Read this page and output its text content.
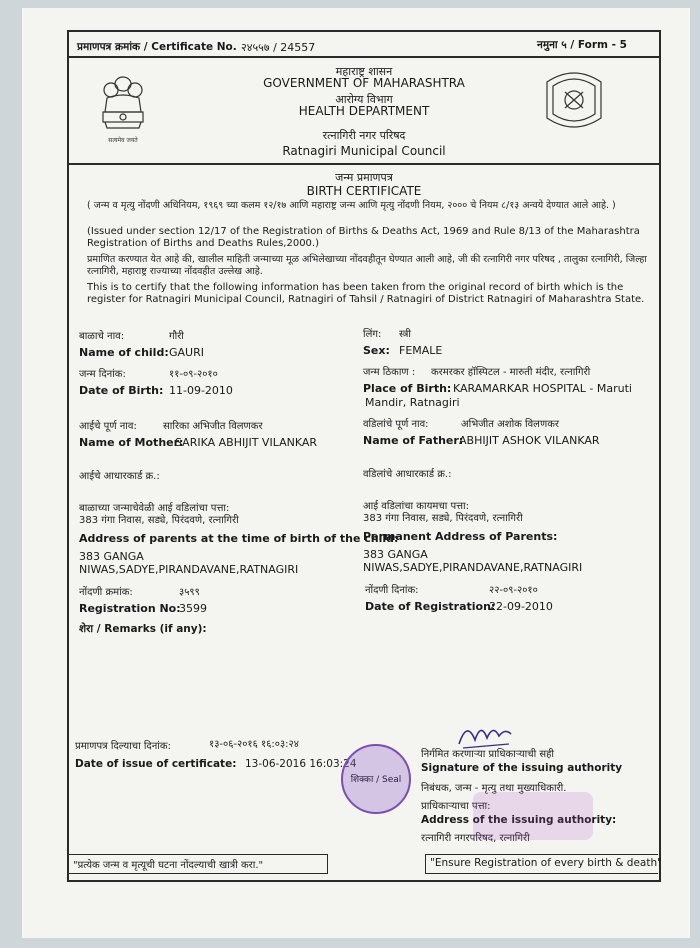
प्रमाणपत्र क्रमांक / Certificate No. २४५५७ / 24557	नमुना ५ / Form - 5
सत्यमेव जयते
महाराष्ट्र शासन
GOVERNMENT OF MAHARASHTRA
आरोग्य विभाग
HEALTH DEPARTMENT
रत्नागिरी नगर परिषद
Ratnagiri Municipal Council
जन्म प्रमाणपत्र
BIRTH CERTIFICATE
( जन्म व मृत्यु नोंदणी अधिनियम, १९६९ च्या कलम १२/१७ आणि महाराष्ट्र जन्म आणि मृत्यु नोंदणी नियम, २००० चे नियम ८/१३ अन्वये देण्यात आले आहे. )
(Issued under section 12/17 of the Registration of Births & Deaths Act, 1969 and Rule 8/13 of the Maharashtra Registration of Births and Deaths Rules,2000.)
प्रमाणित करण्यात येत आहे की, खालील माहिती जन्माच्या मूळ अभिलेखाच्या नोंदवहीतून घेण्यात आली आहे, जी की रत्नागिरी नगर परिषद , तालुका रत्नागिरी, जिल्हा रत्नागिरी, महाराष्ट्र राज्याच्या नोंदवहीत उल्लेख आहे.
This is to certify that the following information has been taken from the original record of birth which is the register for Ratnagiri Municipal Council, Ratnagiri of Tahsil / Ratnagiri of District Ratnagiri of Maharashtra State.
बाळाचे नाव:	गौरी
Name of child: GAURI
लिंग: स्त्री
Sex: FEMALE
जन्म दिनांक:	११-०९-२०१०
Date of Birth: 11-09-2010
जन्म ठिकाण : करमरकर हॉस्पिटल - मारुती मंदीर, रत्नागिरी
Place of Birth: KARAMARKAR HOSPITAL - Maruti
Mandir, Ratnagiri
आईचे पूर्ण नाव:	सारिका अभिजीत विलणकर
Name of Mother:
SARIKA ABHIJIT VILANKAR
वडिलांचे पूर्ण नाव:	अभिजीत अशोक विलणकर
Name of Father:
ABHIJIT ASHOK VILANKAR
आईचे आधारकार्ड क्र.:	वडिलांचे आधारकार्ड क्र.:
बाळाच्या जन्माचेवेळी आई वडिलांचा पत्ता:
383 गंगा निवास, सड्ये, पिरंदवणे, रत्नागिरी
Address of parents at the time of birth of the child:
383 GANGA
NIWAS,SADYE,PIRANDAVANE,RATNAGIRI
आई वडिलांचा कायमचा पत्ता:
383 गंगा निवास, सड्ये, पिरंदवणे, रत्नागिरी
Permanent Address of Parents:
383 GANGA
NIWAS,SADYE,PIRANDAVANE,RATNAGIRI
नोंदणी क्रमांक:	३५९९
Registration No:
3599
नोंदणी दिनांक:	२२-०९-२०१०
Date of Registration:
22-09-2010
शेरा / Remarks (if any):
प्रमाणपत्र दिल्याचा दिनांक:	१३-०६-२०१६ १६:०३:२४
Date of issue of certificate: 13-06-2016 16:03:24
शिक्का / Seal
निर्गमित करणाऱ्या प्राधिकाऱ्याची सही
Signature of the issuing authority
निबंधक, जन्म - मृत्यु तथा मुख्याधिकारी.
प्राधिकाऱ्याचा पत्ता:
Address of the issuing authority:
रत्नागिरी नगरपरिषद, रत्नागिरी
"प्रत्येक जन्म व मृत्यूची घटना नोंदल्याची खात्री करा."	"Ensure Registration of every birth & death"
